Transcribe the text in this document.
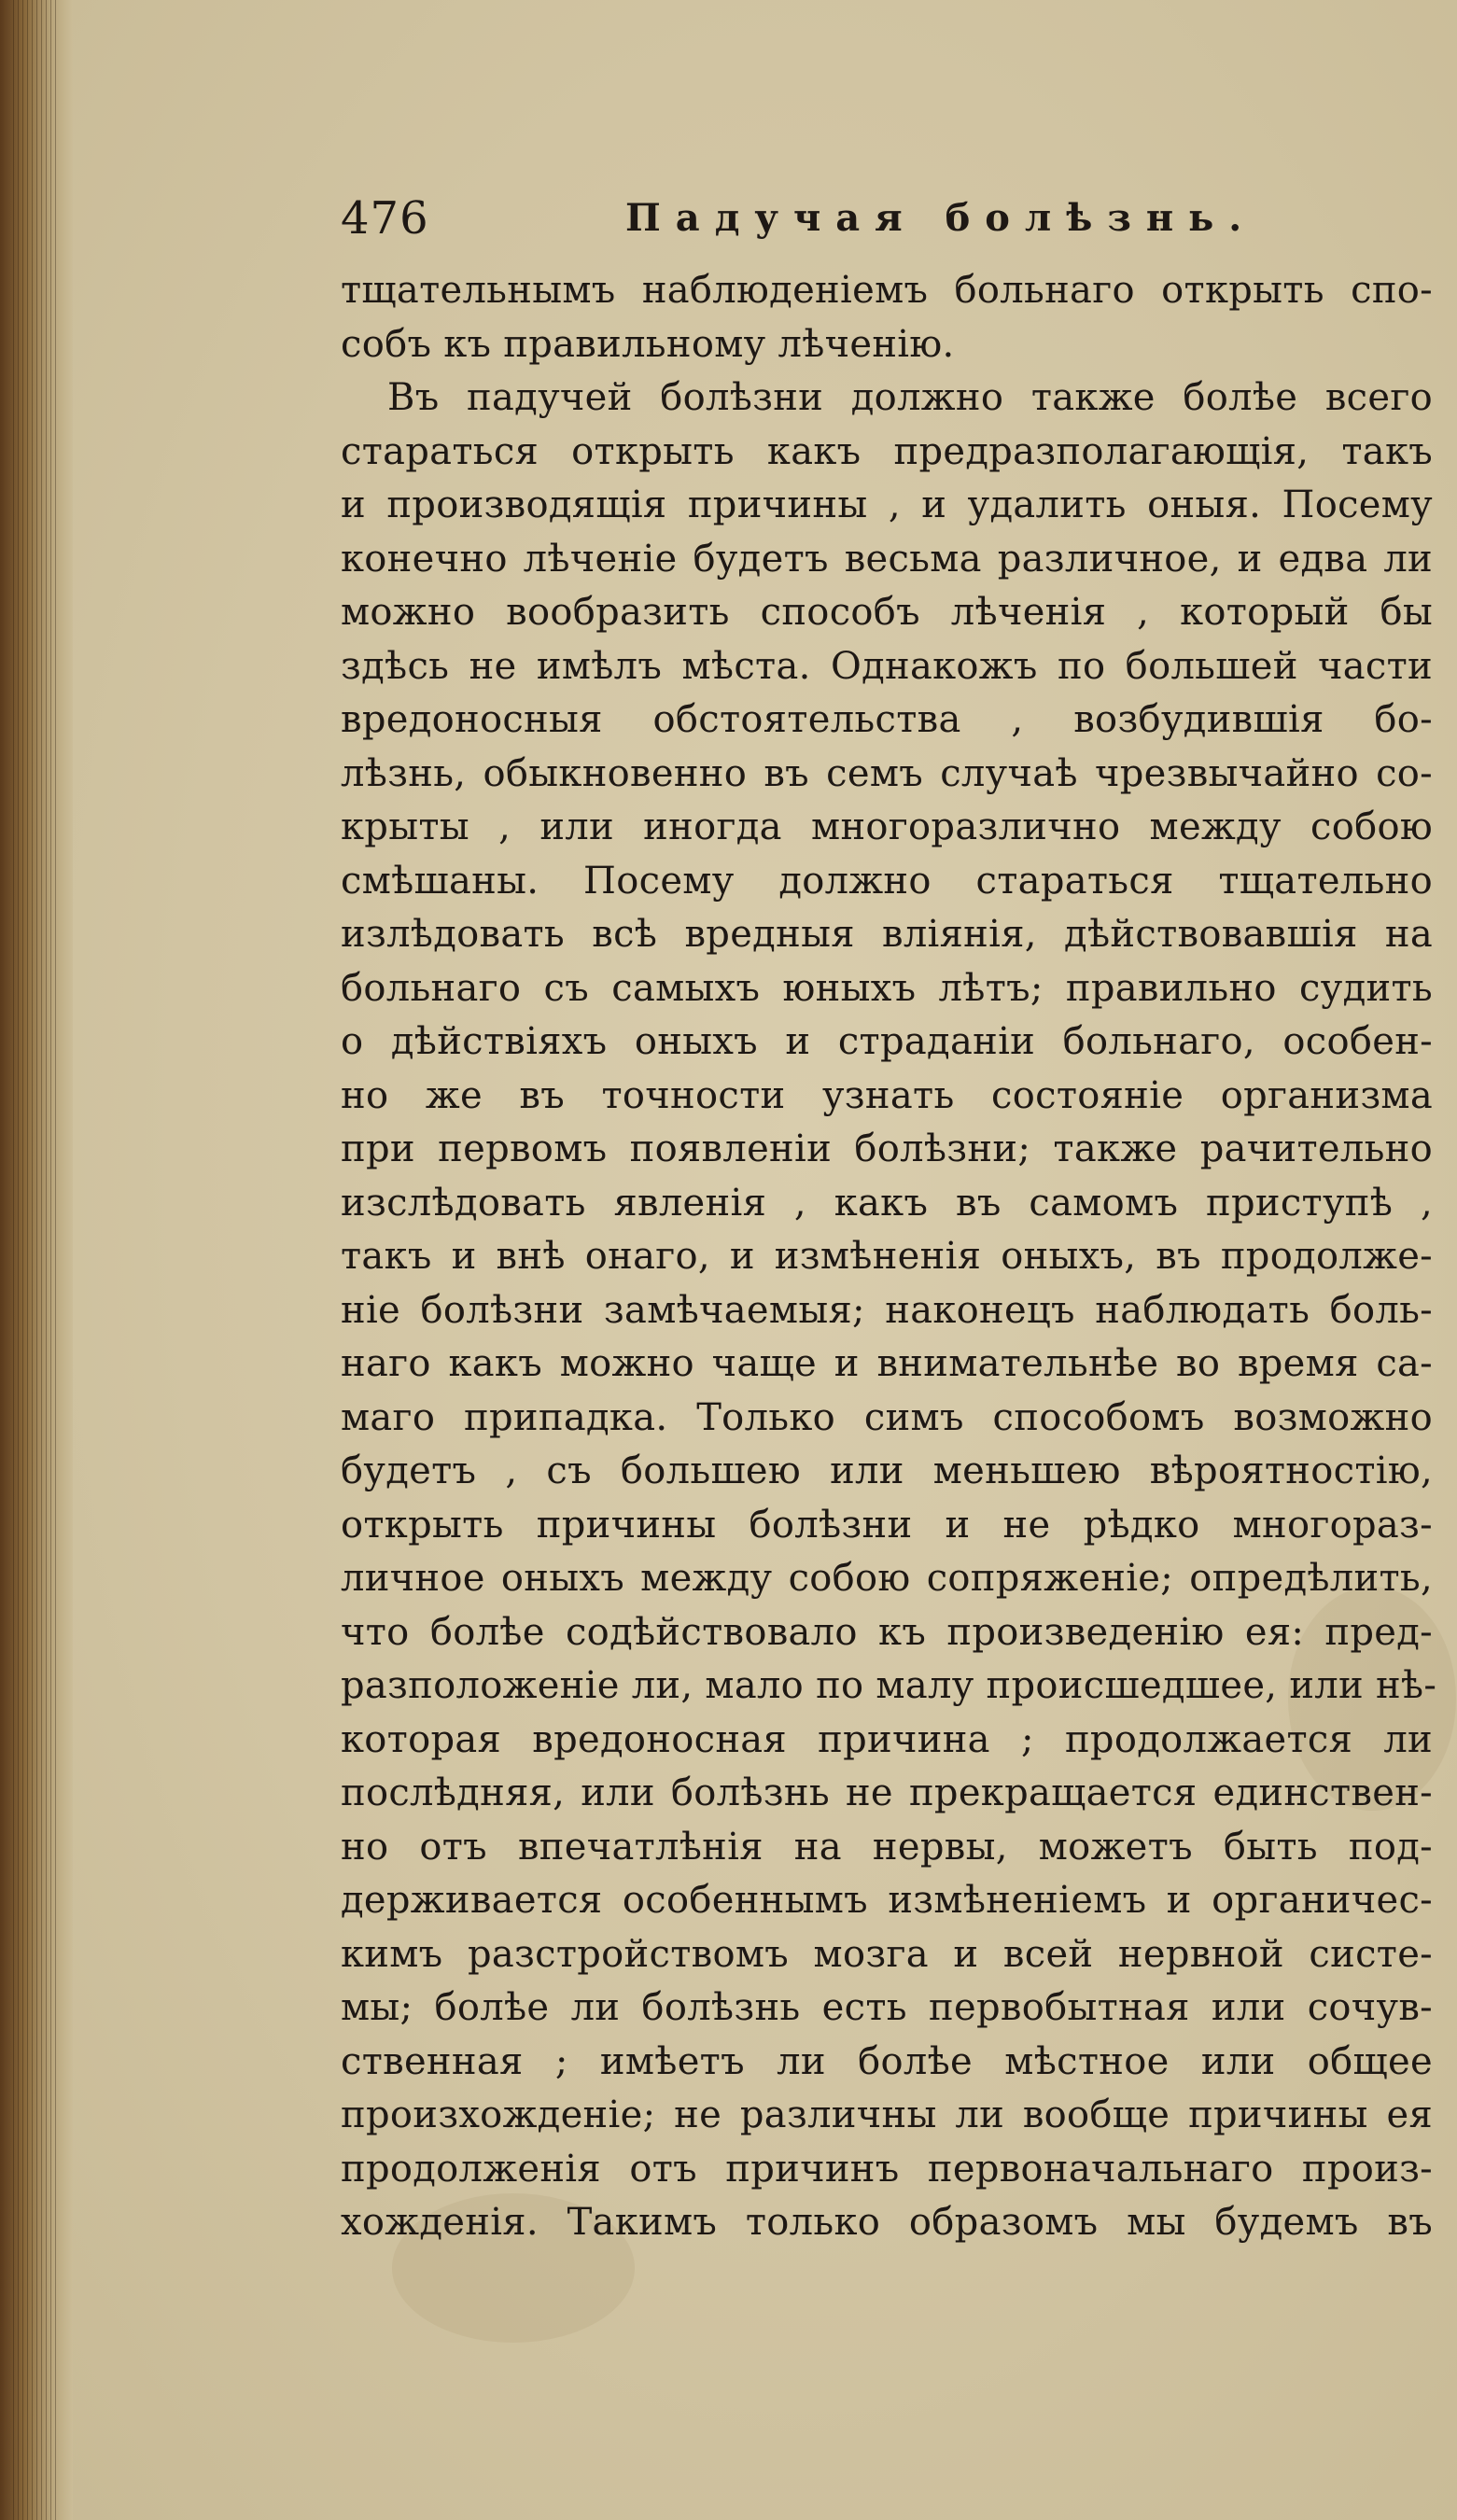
476	Падучая болѣзнь.
тщательнымъ наблюденіемъ больнаго открыть спо-
собъ къ правильному лѣченію.
Въ падучей болѣзни должно также болѣе всего
стараться открыть какъ предразполагающія, такъ
и производящія причины , и удалить оныя. Посему
конечно лѣченіе будетъ весьма различное, и едва ли
можно вообразить способъ лѣченія , который бы
здѣсь не имѣлъ мѣста. Однакожъ по большей части
вредоносныя обстоятельства , возбудившія бо-
лѣзнь, обыкновенно въ семъ случаѣ чрезвычайно со-
крыты , или иногда многоразлично между собою
смѣшаны. Посему должно стараться тщательно
излѣдовать всѣ вредныя вліянія, дѣйствовавшія на
больнаго съ самыхъ юныхъ лѣтъ; правильно судить
о дѣйствіяхъ оныхъ и страданіи больнаго, особен-
но же въ точности узнать состояніе организма
при первомъ появленіи болѣзни; также рачительно
изслѣдовать явленія , какъ въ самомъ приступѣ ,
такъ и внѣ онаго, и измѣненія оныхъ, въ продолже-
ніе болѣзни замѣчаемыя; наконецъ наблюдать боль-
наго какъ можно чаще и внимательнѣе во время са-
маго припадка. Только симъ способомъ возможно
будетъ , съ большею или меньшею вѣроятностію,
открыть причины болѣзни и не рѣдко многораз-
личное оныхъ между собою сопряженіе; опредѣлить,
что болѣе содѣйствовало къ произведенію ея: пред-
разположеніе ли, мало по малу происшедшее, или нѣ-
которая вредоносная причина ; продолжается ли
послѣдняя, или болѣзнь не прекращается единствен-
но отъ впечатлѣнія на нервы, можетъ быть под-
держивается особеннымъ измѣненіемъ и органичес-
кимъ разстройствомъ мозга и всей нервной систе-
мы; болѣе ли болѣзнь есть первобытная или сочув-
ственная ; имѣетъ ли болѣе мѣстное или общее
произхожденіе; не различны ли вообще причины ея
продолженія отъ причинъ первоначальнаго произ-
хожденія. Такимъ только образомъ мы будемъ въ
